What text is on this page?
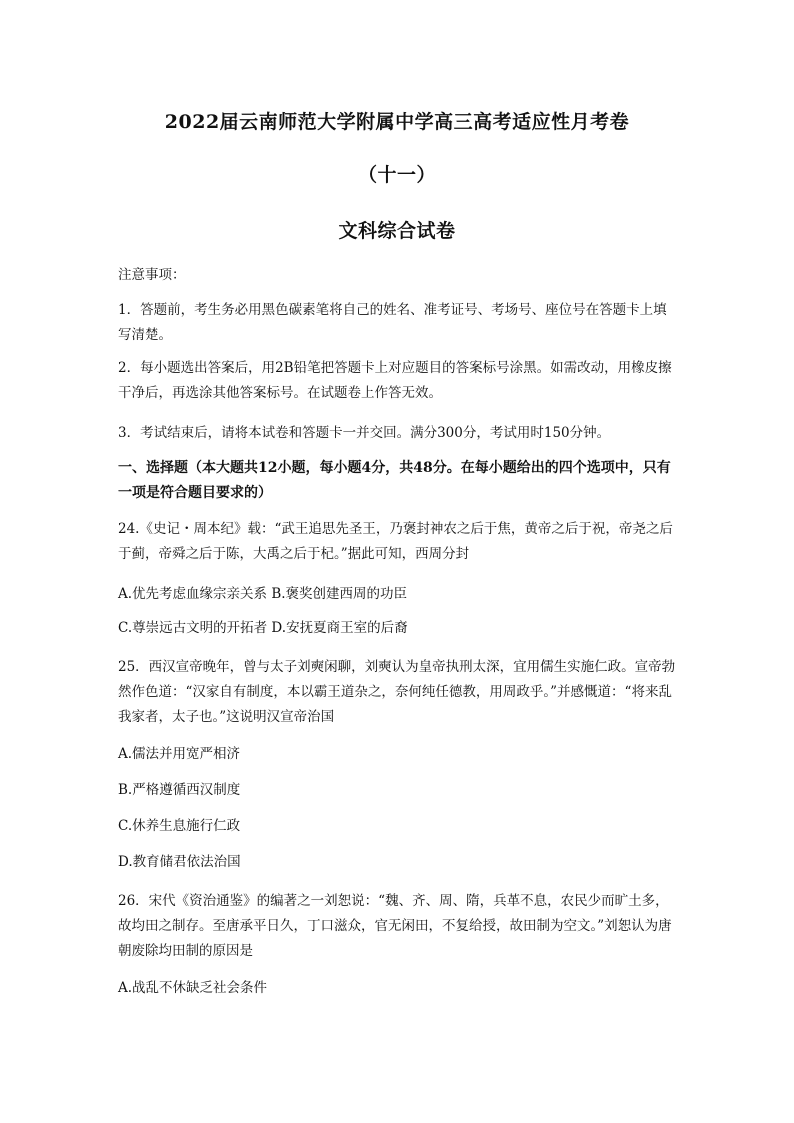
2022届云南师范大学附属中学高三高考适应性月考卷
（十一）
文科综合试卷

注意事项：

1．答题前，考生务必用黑色碳素笔将自己的姓名、准考证号、考场号、座位号在答题卡上填写清楚。

2．每小题选出答案后，用2B铅笔把答题卡上对应题目的答案标号涂黑。如需改动，用橡皮擦干净后，再选涂其他答案标号。在试题卷上作答无效。

3．考试结束后，请将本试卷和答题卡一并交回。满分300分，考试用时150分钟。

一、选择题（本大题共12小题，每小题4分，共48分。在每小题给出的四个选项中，只有一项是符合题目要求的）

24.《史记・周本纪》载：“武王追思先圣王，乃褒封神农之后于焦，黄帝之后于祝，帝尧之后于蓟，帝舜之后于陈，大禹之后于杞。”据此可知，西周分封

A.优先考虑血缘宗亲关系 B.褒奖创建西周的功臣

C.尊崇远古文明的开拓者 D.安抚夏商王室的后裔

25．西汉宣帝晚年，曾与太子刘奭闲聊，刘奭认为皇帝执刑太深，宜用儒生实施仁政。宣帝勃然作色道：“汉家自有制度，本以霸王道杂之，奈何纯任德教，用周政乎。”并感慨道：“将来乱我家者，太子也。”这说明汉宣帝治国

A.儒法并用宽严相济

B.严格遵循西汉制度

C.休养生息施行仁政

D.教育储君依法治国

26．宋代《资治通鉴》的编著之一刘恕说：“魏、齐、周、隋，兵革不息，农民少而旷土多，故均田之制存。至唐承平日久，丁口滋众，官无闲田，不复给授，故田制为空文。”刘恕认为唐朝废除均田制的原因是

A.战乱不休缺乏社会条件
